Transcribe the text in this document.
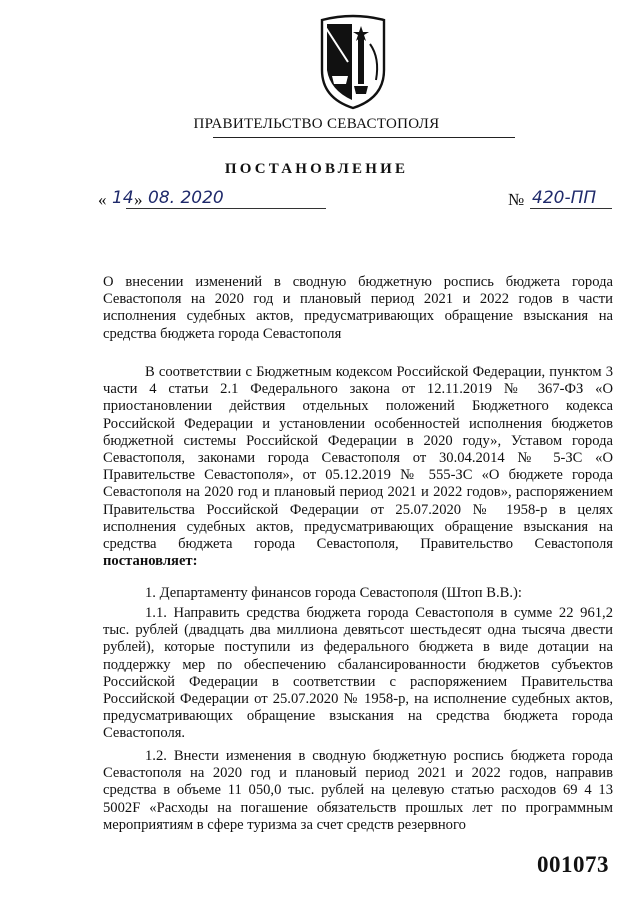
ПРАВИТЕЛЬСТВО СЕВАСТОПОЛЯ
ПОСТАНОВЛЕНИЕ
« 14 » 08. 2020	№ 420-ПП

О внесении изменений в сводную бюджетную роспись бюджета города Севастополя на 2020 год и плановый период 2021 и 2022 годов в части исполнения судебных актов, предусматривающих обращение взыскания на средства бюджета города Севастополя

В соответствии с Бюджетным кодексом Российской Федерации, пунктом 3 части 4 статьи 2.1 Федерального закона от 12.11.2019 № 367-ФЗ «О приостановлении действия отдельных положений Бюджетного кодекса Российской Федерации и установлении особенностей исполнения бюджетов бюджетной системы Российской Федерации в 2020 году», Уставом города Севастополя, законами города Севастополя от 30.04.2014 № 5-ЗС «О Правительстве Севастополя», от 05.12.2019 № 555-ЗС «О бюджете города Севастополя на 2020 год и плановый период 2021 и 2022 годов», распоряжением Правительства Российской Федерации от 25.07.2020 № 1958-р в целях исполнения судебных актов, предусматривающих обращение взыскания на средства бюджета города Севастополя, Правительство Севастополя постановляет:

1. Департаменту финансов города Севастополя (Штоп В.В.):

1.1. Направить средства бюджета города Севастополя в сумме 22 961,2 тыс. рублей (двадцать два миллиона девятьсот шестьдесят одна тысяча двести рублей), которые поступили из федерального бюджета в виде дотации на поддержку мер по обеспечению сбалансированности бюджетов субъектов Российской Федерации в соответствии с распоряжением Правительства Российской Федерации от 25.07.2020 № 1958-р, на исполнение судебных актов, предусматривающих обращение взыскания на средства бюджета города Севастополя.

1.2. Внести изменения в сводную бюджетную роспись бюджета города Севастополя на 2020 год и плановый период 2021 и 2022 годов, направив средства в объеме 11 050,0 тыс. рублей на целевую статью расходов 69 4 13 5002F «Расходы на погашение обязательств прошлых лет по программным мероприятиям в сфере туризма за счет средств резервного

001073
